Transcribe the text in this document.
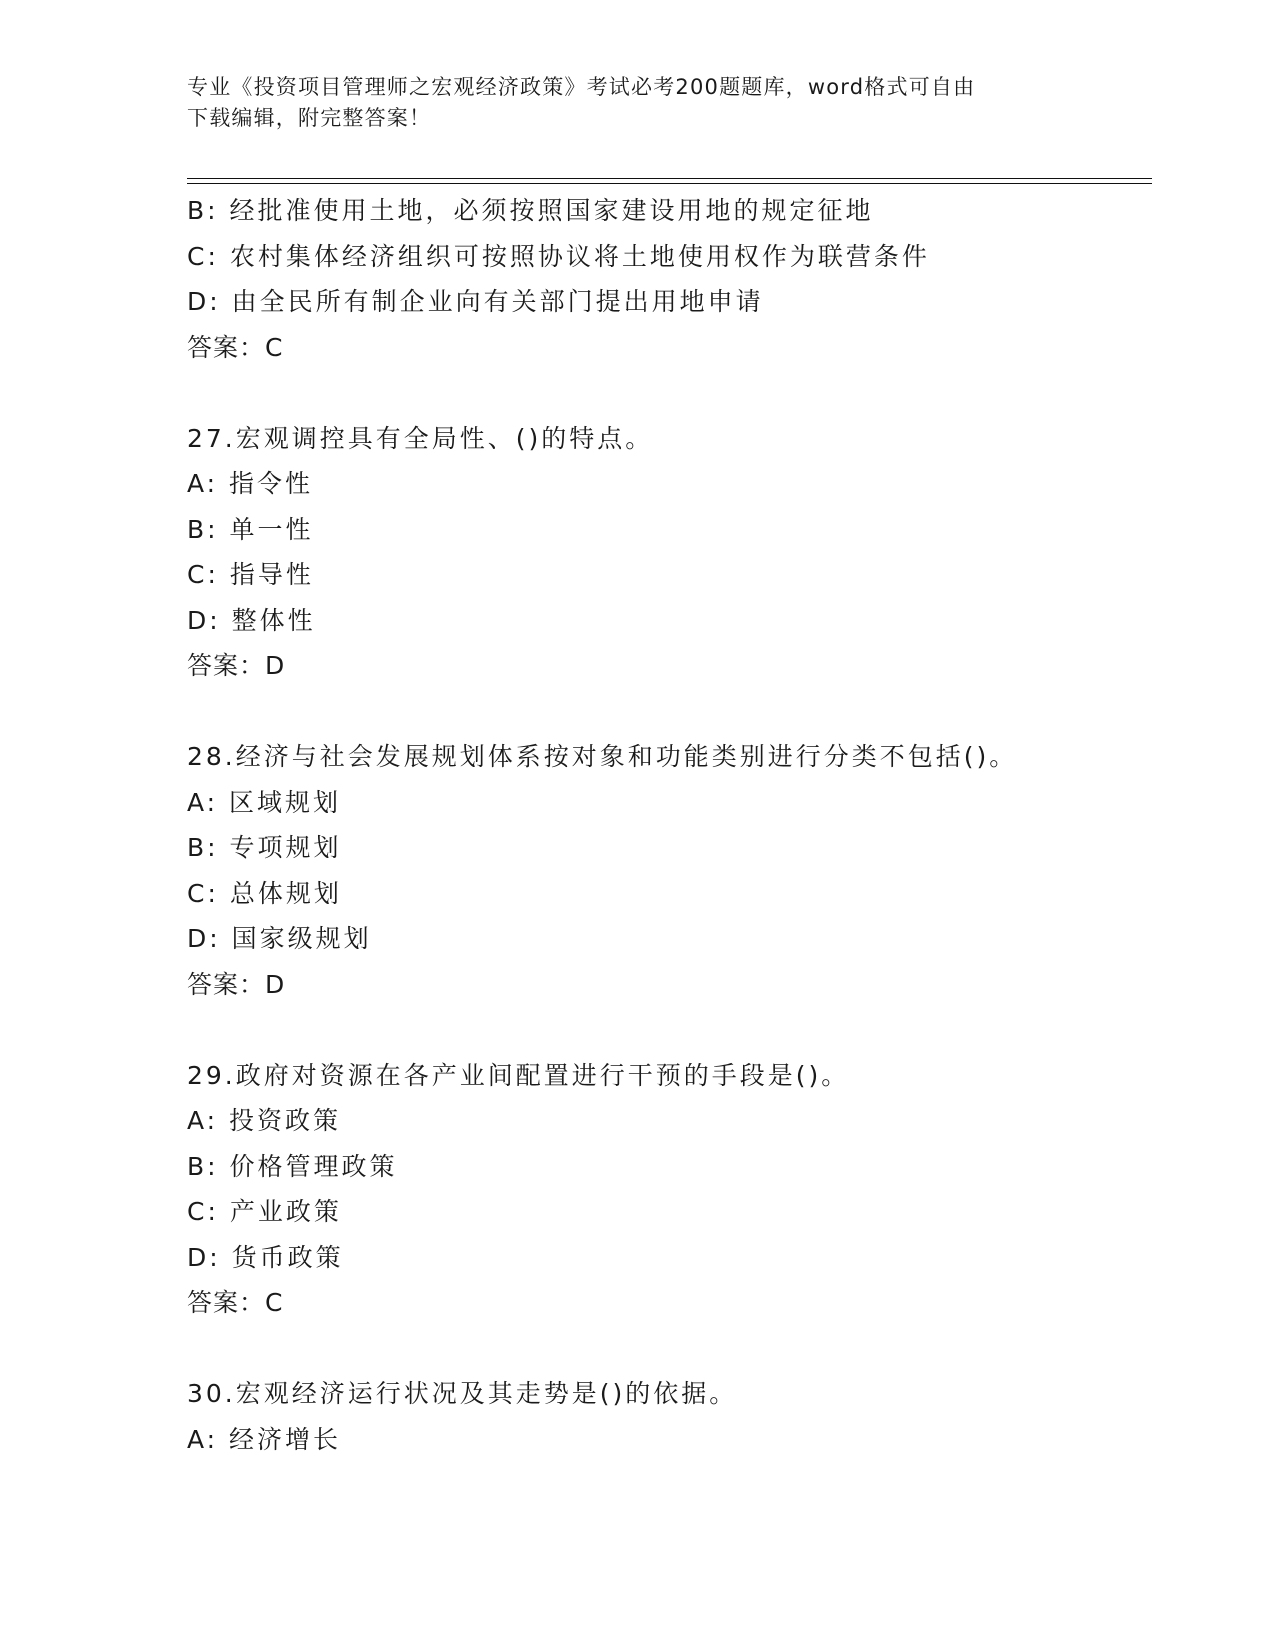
专业《投资项目管理师之宏观经济政策》考试必考200题题库，word格式可自由
下载编辑，附完整答案！
B: 经批准使用土地，必须按照国家建设用地的规定征地
C: 农村集体经济组织可按照协议将土地使用权作为联营条件
D: 由全民所有制企业向有关部门提出用地申请
答案：C
27.宏观调控具有全局性、()的特点。
A: 指令性
B: 单一性
C: 指导性
D: 整体性
答案：D
28.经济与社会发展规划体系按对象和功能类别进行分类不包括()。
A: 区域规划
B: 专项规划
C: 总体规划
D: 国家级规划
答案：D
29.政府对资源在各产业间配置进行干预的手段是()。
A: 投资政策
B: 价格管理政策
C: 产业政策
D: 货币政策
答案：C
30.宏观经济运行状况及其走势是()的依据。
A: 经济增长
